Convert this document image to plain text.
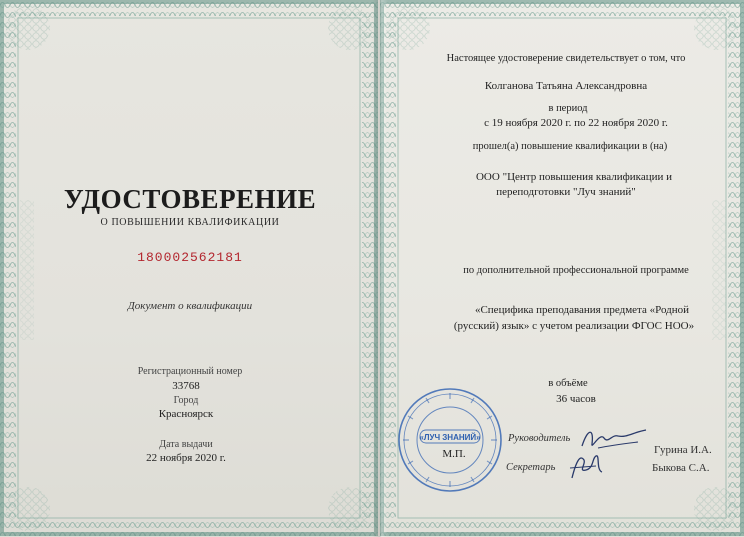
УДОСТОВЕРЕНИЕ
О ПОВЫШЕНИИ КВАЛИФИКАЦИИ
180002562181
Документ о квалификации
Регистрационный номер
33768
Город
Красноярск
Дата выдачи
22 ноября 2020 г.
Настоящее удостоверение свидетельствует о том, что
Колганова Татьяна Александровна
в период
с 19 ноября 2020 г. по 22 ноября 2020 г.
прошел(а) повышение квалификации в (на)
ООО "Центр повышения квалификации и
переподготовки "Луч знаний"
по дополнительной профессиональной программе
«Специфика преподавания предмета «Родной
(русский) язык» с учетом реализации ФГОС НОО»
в объёме
36 часов
Руководитель
Гурина И.А.
Секретарь	Быкова С.А.
«ЛУЧ ЗНАНИЙ»
М.П.
